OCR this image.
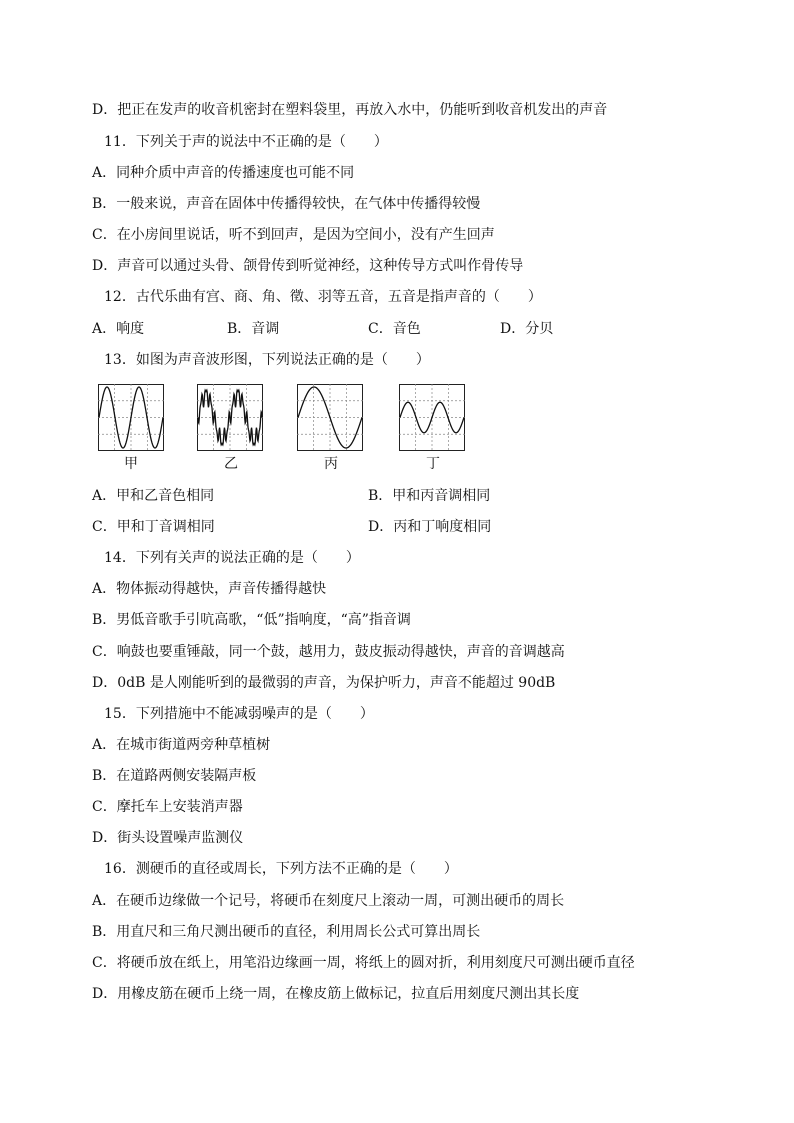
D．把正在发声的收音机密封在塑料袋里，再放入水中，仍能听到收音机发出的声音
11．下列关于声的说法中不正确的是（　　）
A．同种介质中声音的传播速度也可能不同
B．一般来说，声音在固体中传播得较快，在气体中传播得较慢
C．在小房间里说话，听不到回声，是因为空间小，没有产生回声
D．声音可以通过头骨、颌骨传到听觉神经，这种传导方式叫作骨传导
12．古代乐曲有宫、商、角、徵、羽等五音，五音是指声音的（　　）
A．响度	B．音调	C．音色	D．分贝
13．如图为声音波形图，下列说法正确的是（　　）
甲	乙	丙	丁
A．甲和乙音色相同	B．甲和丙音调相同
C．甲和丁音调相同	D．丙和丁响度相同
14．下列有关声的说法正确的是（　　）
A．物体振动得越快，声音传播得越快
B．男低音歌手引吭高歌，“低”指响度，“高”指音调
C．响鼓也要重锤敲，同一个鼓，越用力，鼓皮振动得越快，声音的音调越高
D．0dB 是人刚能听到的最微弱的声音，为保护听力，声音不能超过 90dB
15．下列措施中不能减弱噪声的是（　　）
A．在城市街道两旁种草植树
B．在道路两侧安装隔声板
C．摩托车上安装消声器
D．街头设置噪声监测仪
16．测硬币的直径或周长，下列方法不正确的是（　　）
A．在硬币边缘做一个记号，将硬币在刻度尺上滚动一周，可测出硬币的周长
B．用直尺和三角尺测出硬币的直径，利用周长公式可算出周长
C．将硬币放在纸上，用笔沿边缘画一周，将纸上的圆对折，利用刻度尺可测出硬币直径
D．用橡皮筋在硬币上绕一周，在橡皮筋上做标记，拉直后用刻度尺测出其长度
